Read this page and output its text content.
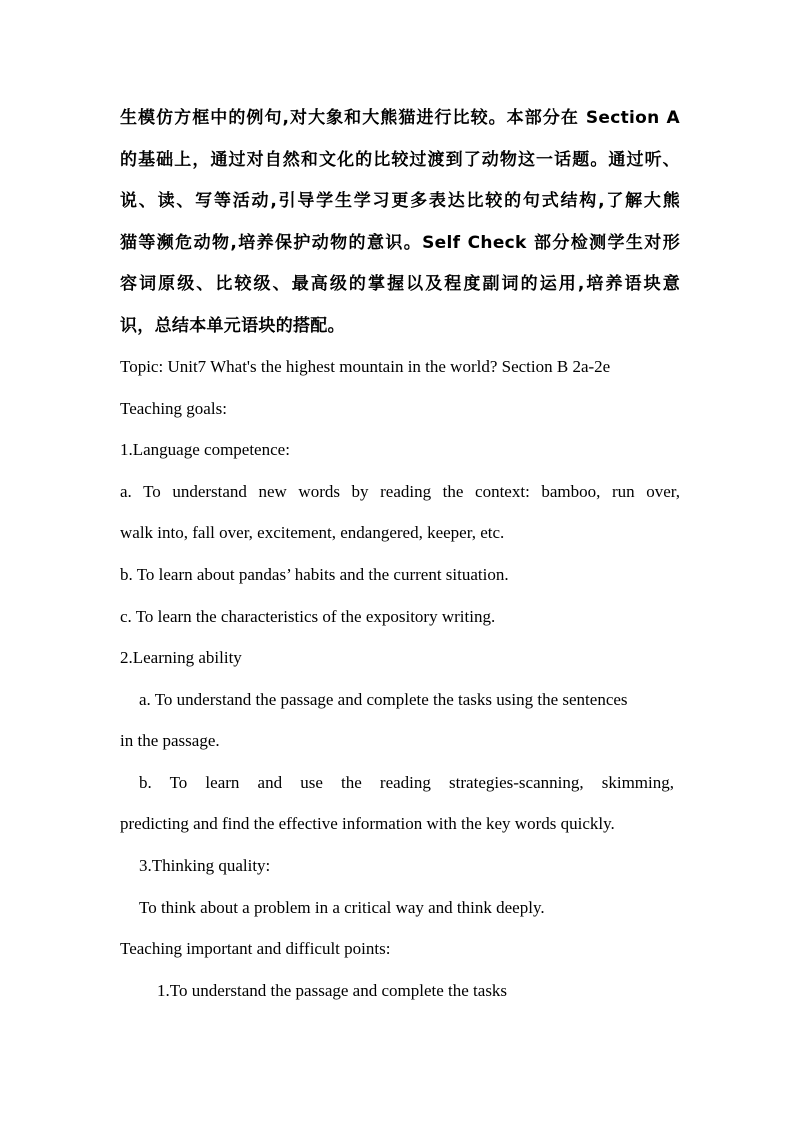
生模仿方框中的例句,对大象和大熊猫进行比较。本部分在 Section A
的基础上，通过对自然和文化的比较过渡到了动物这一话题。通过听、
说、读、写等活动,引导学生学习更多表达比较的句式结构,了解大熊
猫等濒危动物,培养保护动物的意识。Self Check 部分检测学生对形
容词原级、比较级、最高级的掌握以及程度副词的运用,培养语块意
识，总结本单元语块的搭配。
Topic: Unit7 What's the highest mountain in the world? Section B 2a-2e
Teaching goals:
1.Language competence:
a. To understand new words by reading the context: bamboo, run over,
walk into, fall over, excitement, endangered, keeper, etc.
b. To learn about pandas’ habits and the current situation.
c. To learn the characteristics of the expository writing.
2.Learning ability
a. To understand the passage and complete the tasks using the sentences
in the passage.
b. To learn and use the reading strategies-scanning, skimming,
predicting and find the effective information with the key words quickly.
3.Thinking quality:
To think about a problem in a critical way and think deeply.
Teaching important and difficult points:
1.To understand the passage and complete the tasks
